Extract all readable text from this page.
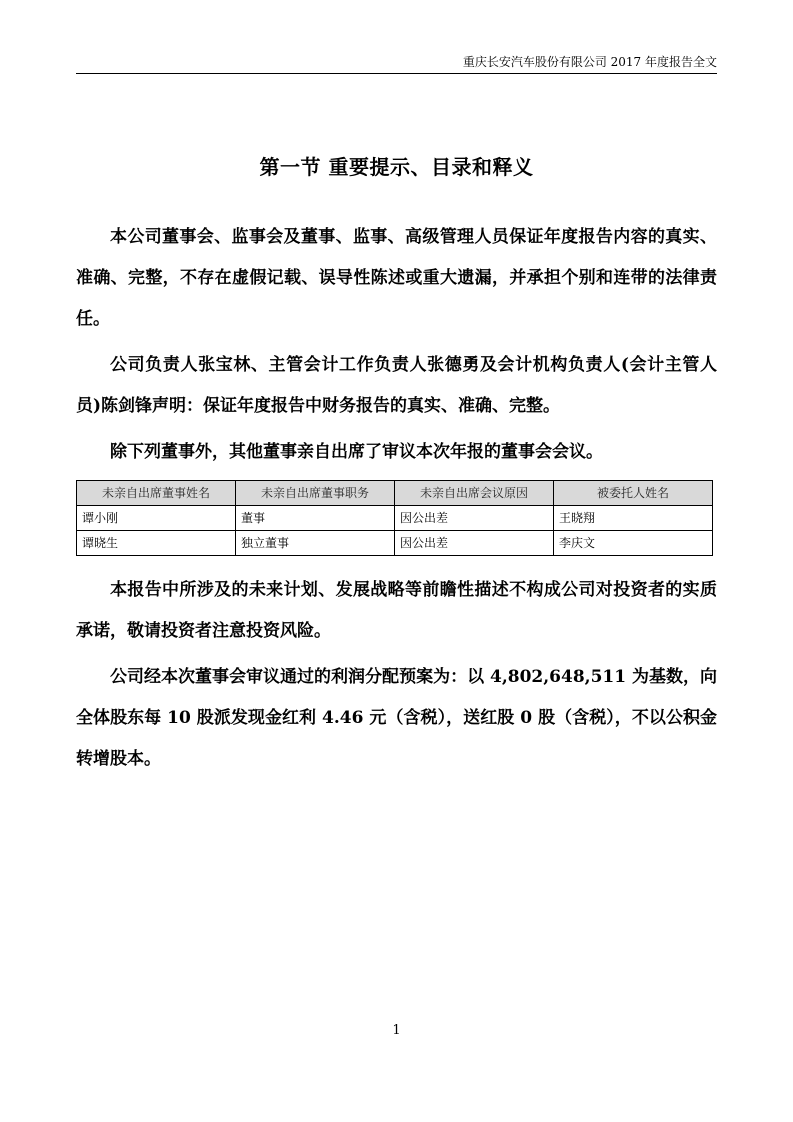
重庆长安汽车股份有限公司 2017 年度报告全文
第一节 重要提示、目录和释义

本公司董事会、监事会及董事、监事、高级管理人员保证年度报告内容的真实、准确、完整，不存在虚假记载、误导性陈述或重大遗漏，并承担个别和连带的法律责任。

公司负责人张宝林、主管会计工作负责人张德勇及会计机构负责人(会计主管人员)陈剑锋声明：保证年度报告中财务报告的真实、准确、完整。

除下列董事外，其他董事亲自出席了审议本次年报的董事会会议。

未亲自出席董事姓名	未亲自出席董事职务	未亲自出席会议原因	被委托人姓名
谭小刚	董事	因公出差	王晓翔
谭晓生	独立董事	因公出差	李庆文

本报告中所涉及的未来计划、发展战略等前瞻性描述不构成公司对投资者的实质承诺，敬请投资者注意投资风险。

公司经本次董事会审议通过的利润分配预案为：以 4,802,648,511 为基数，向全体股东每 10 股派发现金红利 4.46 元（含税），送红股 0 股（含税），不以公积金转增股本。

1
